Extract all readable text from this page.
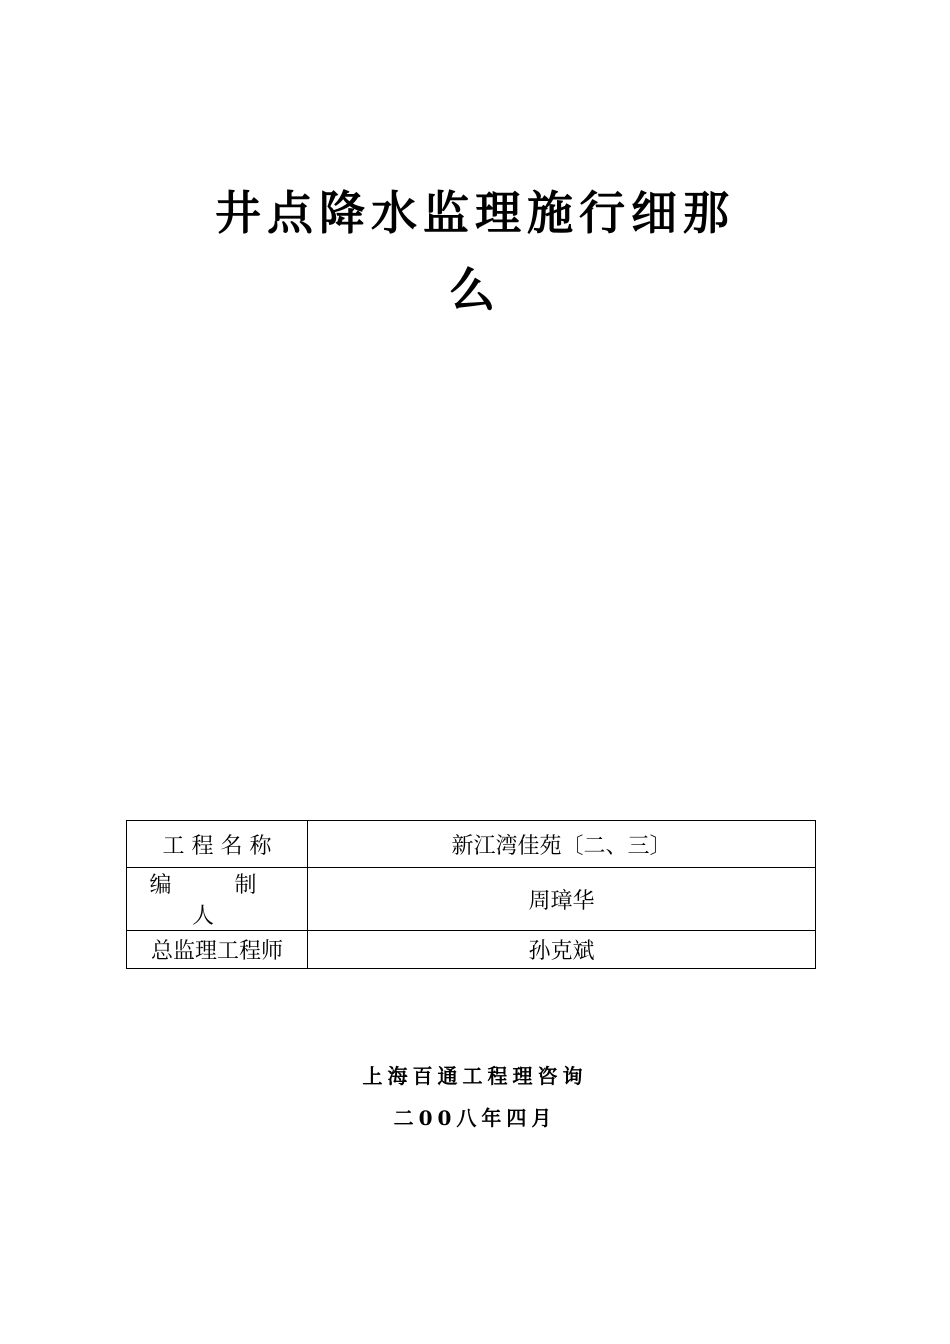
井点降水监理施行细那
么
工 程 名 称	新江湾佳苑〔二、三〕
编 制 人	周璋华
总监理工程师	孙克斌
上海百通工程理咨询
二00八年四月
